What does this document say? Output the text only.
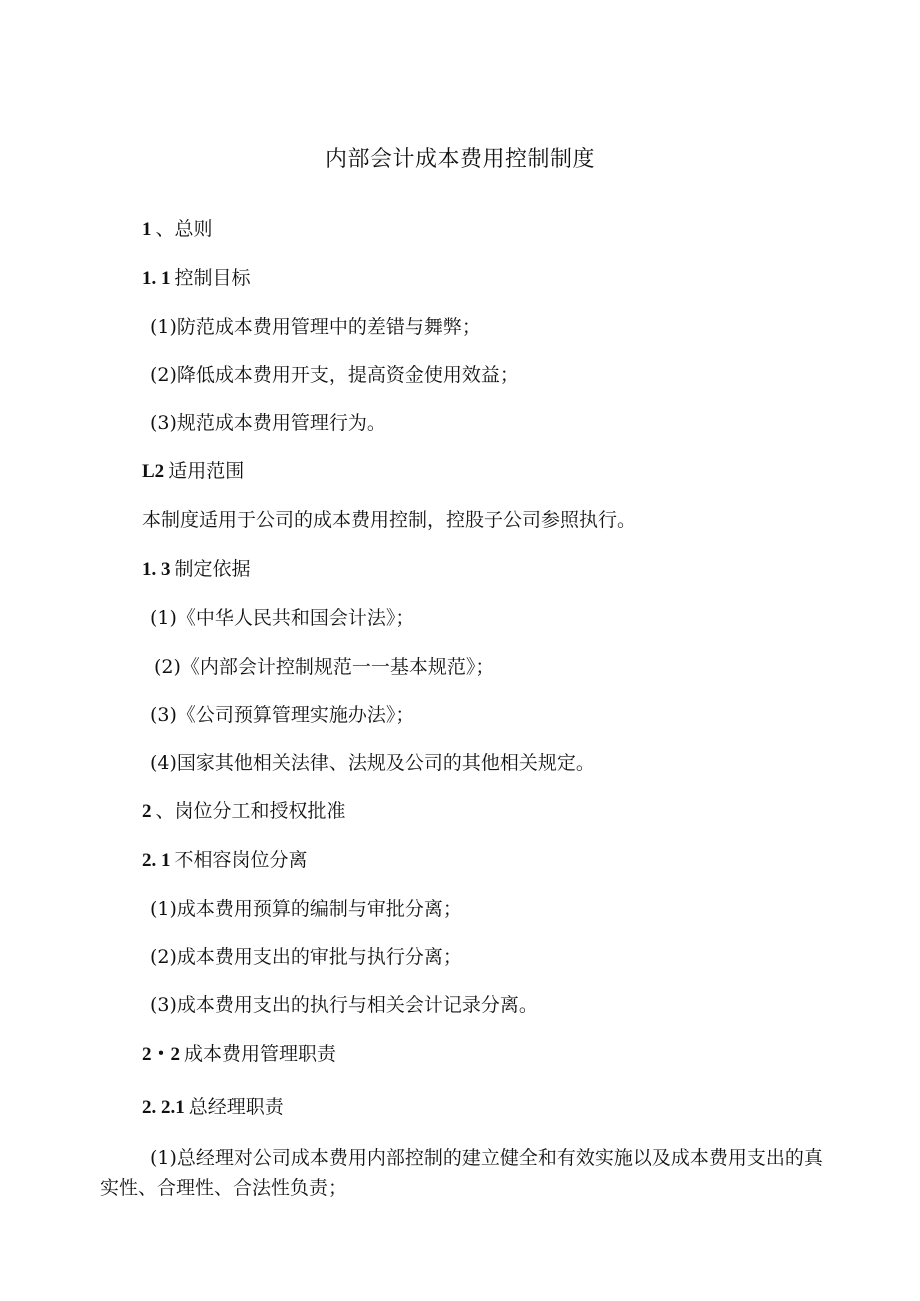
内部会计成本费用控制制度
1 、总则
1. 1 控制目标
(1)防范成本费用管理中的差错与舞弊；
(2)降低成本费用开支，提高资金使用效益；
(3)规范成本费用管理行为。
L2 适用范围
本制度适用于公司的成本费用控制，控股子公司参照执行。
1. 3 制定依据
(1)《中华人民共和国会计法》；
(2)《内部会计控制规范一一基本规范》；
(3)《公司预算管理实施办法》；
(4)国家其他相关法律、法规及公司的其他相关规定。
2 、岗位分工和授权批准
2. 1 不相容岗位分离
(1)成本费用预算的编制与审批分离；
(2)成本费用支出的审批与执行分离；
(3)成本费用支出的执行与相关会计记录分离。
2・2 成本费用管理职责
2. 2.1 总经理职责
(1)总经理对公司成本费用内部控制的建立健全和有效实施以及成本费用支出的真实性、合理性、合法性负责；
